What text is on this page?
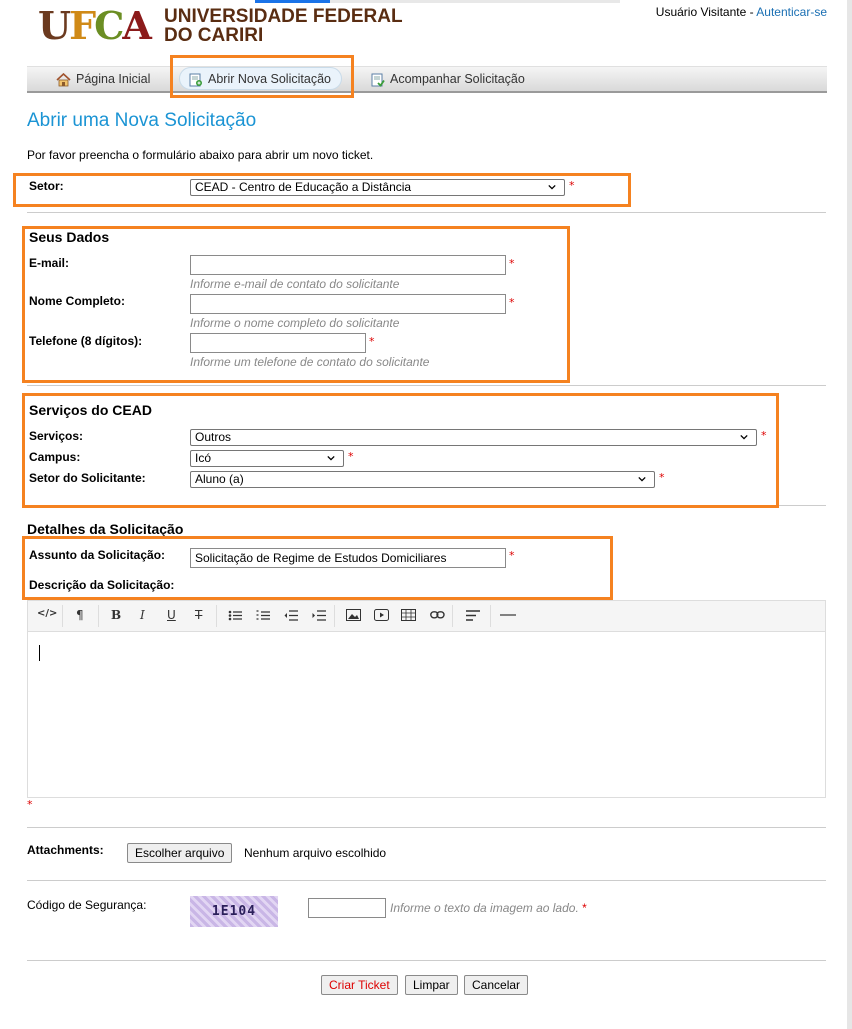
UFCA UNIVERSIDADE FEDERAL DO CARIRI
Usuário Visitante - Autenticar-se
Página Inicial	Abrir Nova Solicitação	Acompanhar Solicitação
Abrir uma Nova Solicitação
Por favor preencha o formulário abaixo para abrir um novo ticket.
Setor:	CEAD - Centro de Educação a Distância	*
Seus Dados
E-mail:	*
Informe e-mail de contato do solicitante
Nome Completo:	*
Informe o nome completo do solicitante
Telefone (8 dígitos):	*
Informe um telefone de contato do solicitante
Serviços do CEAD
Serviços:	Outros	*
Campus:	Icó	*
Setor do Solicitante:	Aluno (a)	*
Detalhes da Solicitação
Assunto da Solicitação:
Solicitação de Regime de Estudos Domiciliares	*
Descrição da Solicitação:
</> ¶ B I U T
*
Attachments:	Escolher arquivo	Nenhum arquivo escolhido
Código de Segurança:	1E104	Informe o texto da imagem ao lado. *
Criar Ticket	Limpar	Cancelar
